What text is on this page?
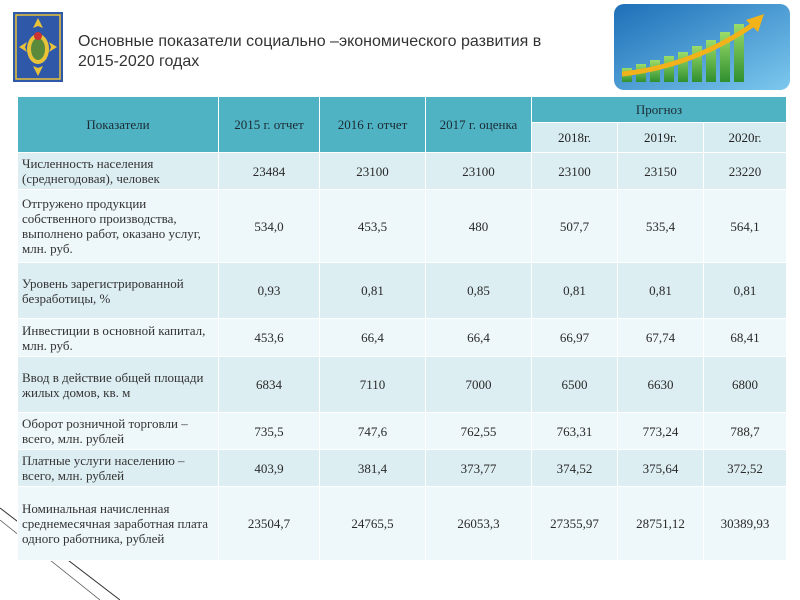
Основные показатели социально –экономического развития в 2015-2020 годах
Показатели	2015 г. отчет	2016 г. отчет	2017 г. оценка	Прогноз		
				2018г.	2019г.	2020г.
Численность населения (среднегодовая), человек	23484	23100	23100	23100	23150	23220
Отгружено продукции собственного производства, выполнено работ, оказано услуг, млн. руб.	534,0	453,5	480	507,7	535,4	564,1
Уровень зарегистрированной безработицы, %	0,93	0,81	0,85	0,81	0,81	0,81
Инвестиции в основной капитал, млн. руб.	453,6	66,4	66,4	66,97	67,74	68,41
Ввод в действие общей площади жилых домов, кв. м	6834	7110	7000	6500	6630	6800
Оборот розничной торговли – всего, млн. рублей	735,5	747,6	762,55	763,31	773,24	788,7
Платные услуги населению – всего, млн. рублей	403,9	381,4	373,77	374,52	375,64	372,52
Номинальная начисленная среднемесячная заработная плата одного работника, рублей	23504,7	24765,5	26053,3	27355,97	28751,12	30389,93
